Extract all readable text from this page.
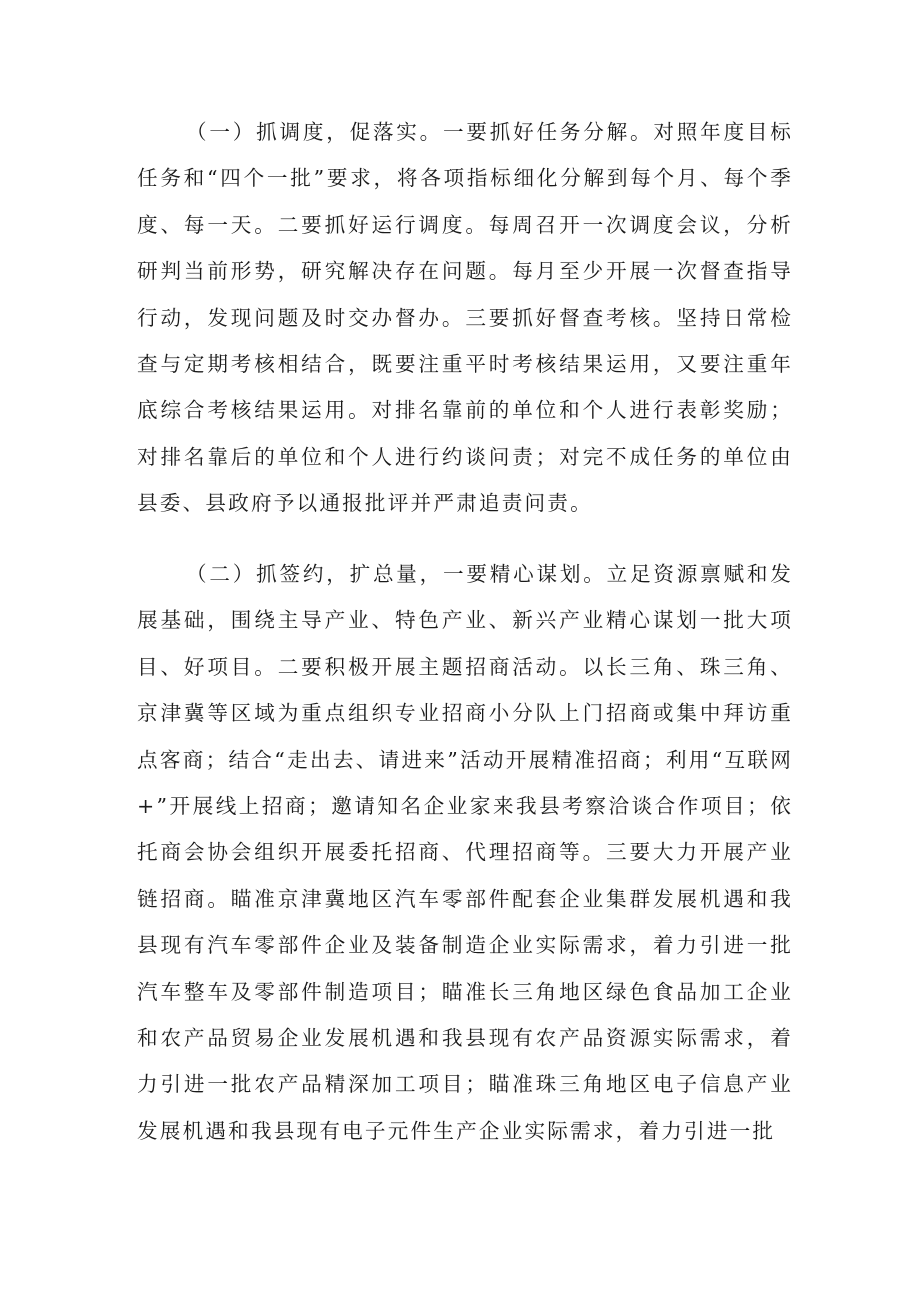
（一）抓调度，促落实。一要抓好任务分解。对照年度目标任务和“四个一批”要求，将各项指标细化分解到每个月、每个季度、每一天。二要抓好运行调度。每周召开一次调度会议，分析研判当前形势，研究解决存在问题。每月至少开展一次督查指导行动，发现问题及时交办督办。三要抓好督查考核。坚持日常检查与定期考核相结合，既要注重平时考核结果运用，又要注重年底综合考核结果运用。对排名靠前的单位和个人进行表彰奖励；对排名靠后的单位和个人进行约谈问责；对完不成任务的单位由县委、县政府予以通报批评并严肃追责问责。

（二）抓签约，扩总量，一要精心谋划。立足资源禀赋和发展基础，围绕主导产业、特色产业、新兴产业精心谋划一批大项目、好项目。二要积极开展主题招商活动。以长三角、珠三角、京津冀等区域为重点组织专业招商小分队上门招商或集中拜访重点客商；结合“走出去、请进来”活动开展精准招商；利用“互联网+”开展线上招商；邀请知名企业家来我县考察洽谈合作项目；依托商会协会组织开展委托招商、代理招商等。三要大力开展产业链招商。瞄准京津冀地区汽车零部件配套企业集群发展机遇和我县现有汽车零部件企业及装备制造企业实际需求，着力引进一批汽车整车及零部件制造项目；瞄准长三角地区绿色食品加工企业和农产品贸易企业发展机遇和我县现有农产品资源实际需求，着力引进一批农产品精深加工项目；瞄准珠三角地区电子信息产业发展机遇和我县现有电子元件生产企业实际需求，着力引进一批
